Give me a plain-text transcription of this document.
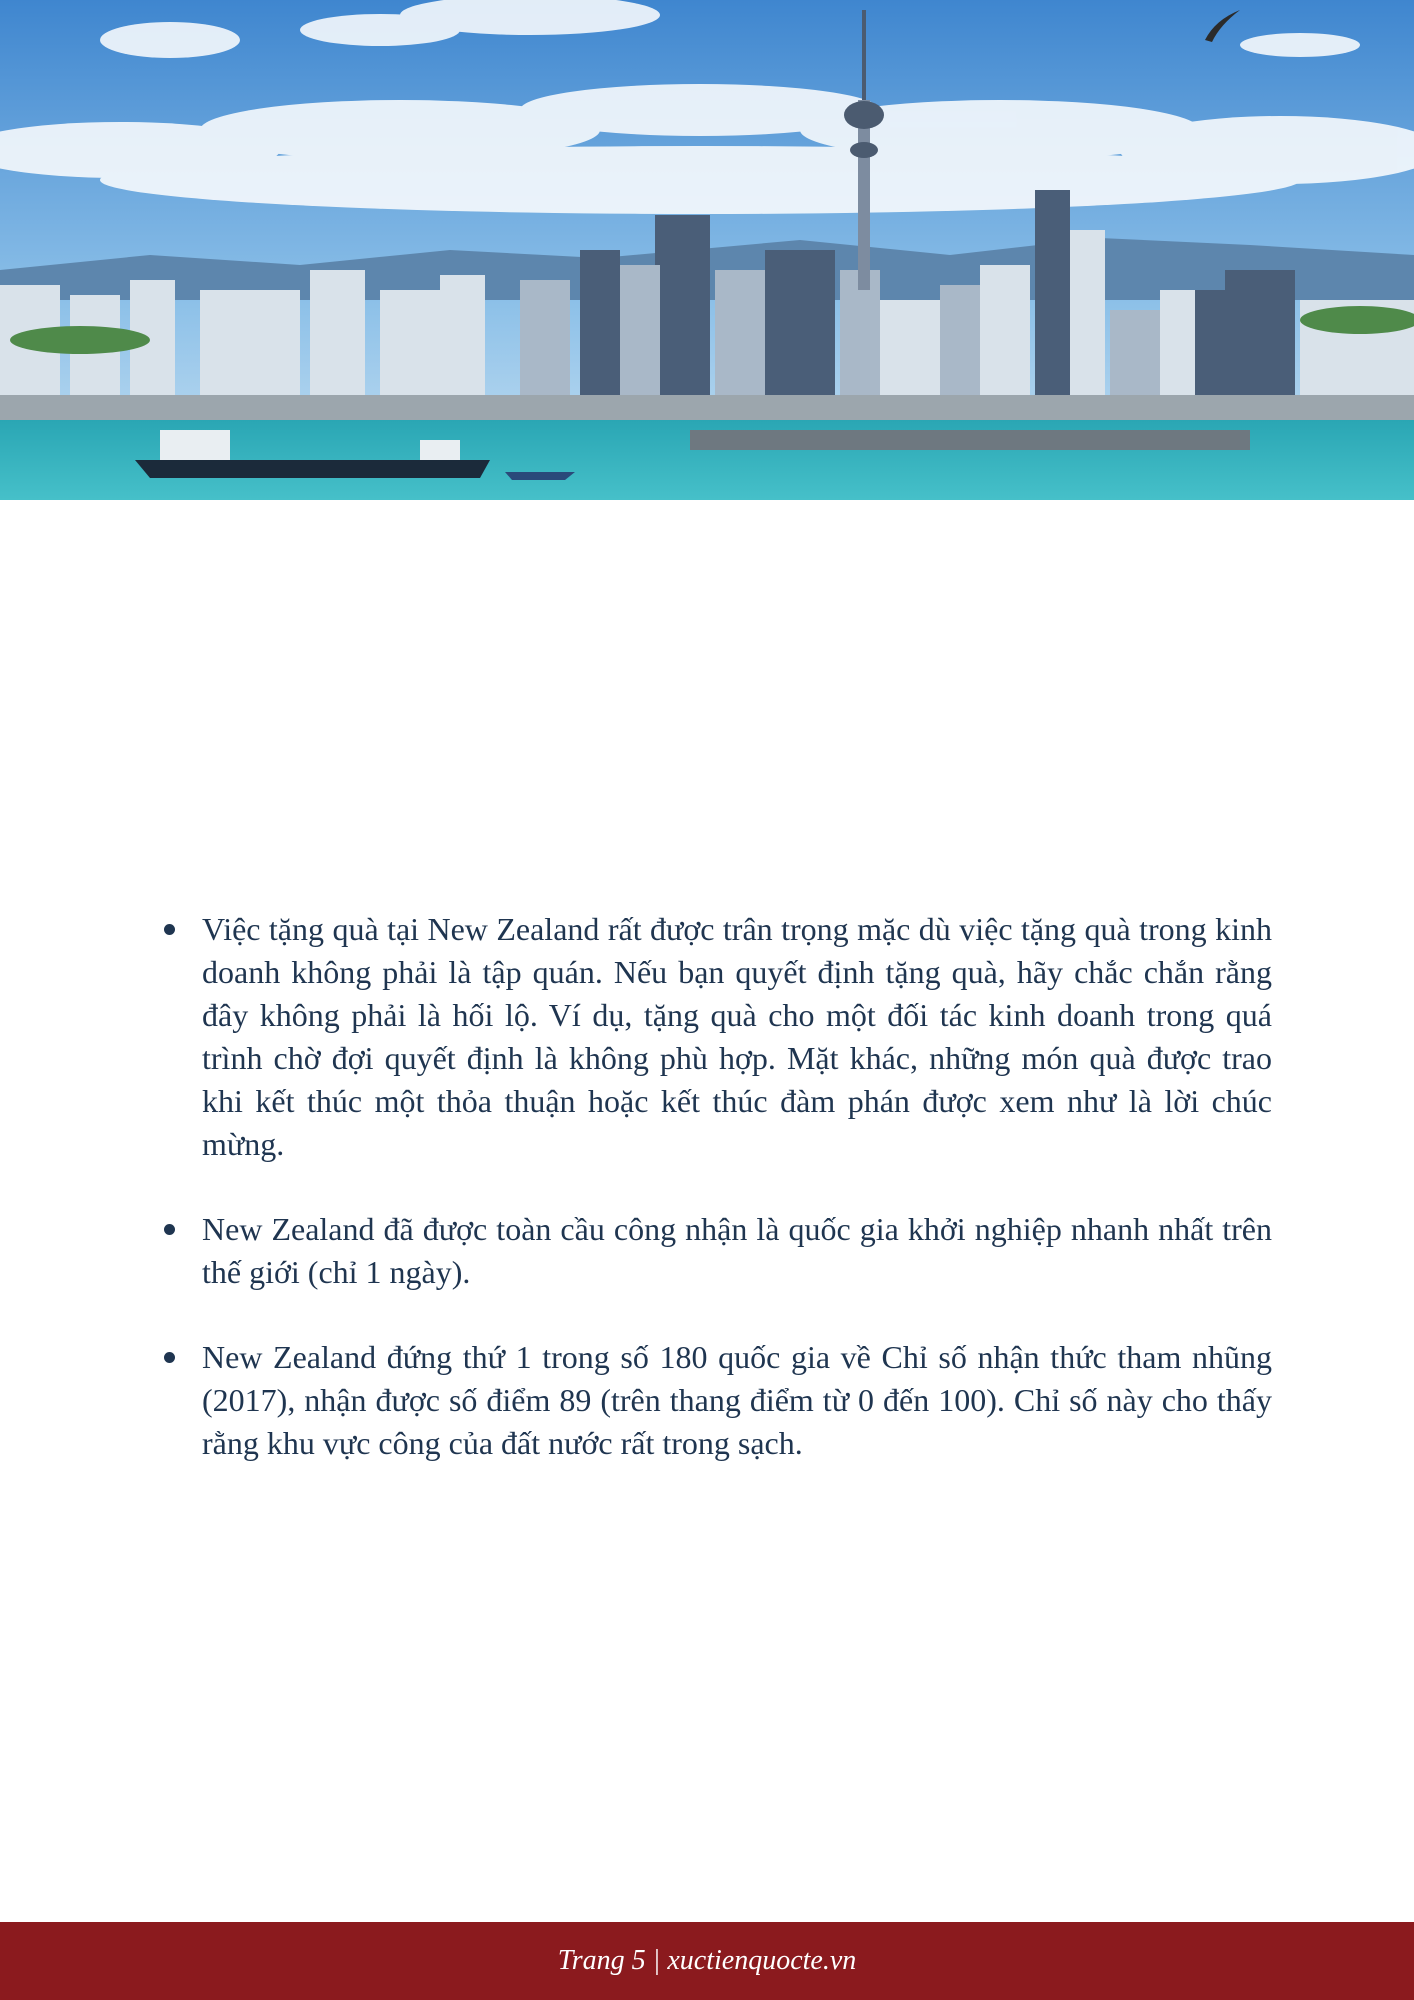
Việc tặng quà tại New Zealand rất được trân trọng mặc dù việc tặng quà trong kinh doanh không phải là tập quán. Nếu bạn quyết định tặng quà, hãy chắc chắn rằng đây không phải là hối lộ. Ví dụ, tặng quà cho một đối tác kinh doanh trong quá trình chờ đợi quyết định là không phù hợp. Mặt khác, những món quà được trao khi kết thúc một thỏa thuận hoặc kết thúc đàm phán được xem như là lời chúc mừng.
New Zealand đã được toàn cầu công nhận là quốc gia khởi nghiệp nhanh nhất trên thế giới (chỉ 1 ngày).
New Zealand đứng thứ 1 trong số 180 quốc gia về Chỉ số nhận thức tham nhũng (2017), nhận được số điểm 89 (trên thang điểm từ 0 đến 100). Chỉ số này cho thấy rằng khu vực công của đất nước rất trong sạch.
Trang 5 | xuctienquocte.vn
